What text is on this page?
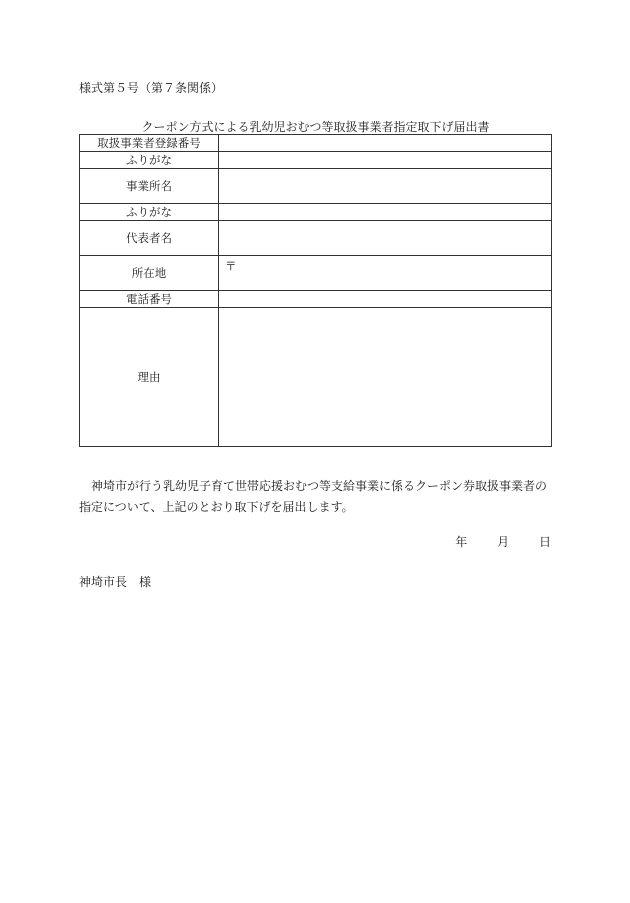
様式第５号（第７条関係）
クーポン方式による乳幼児おむつ等取扱事業者指定取下げ届出書
取扱事業者登録番号	
ふりがな	
事業所名	
ふりがな	
代表者名	
所在地	〒
電話番号	
理由	

神埼市が行う乳幼児子育て世帯応援おむつ等支給事業に係るクーポン券取扱事業者の指定について、上記のとおり取下げを届出します。

年 月 日
神埼市長　様
